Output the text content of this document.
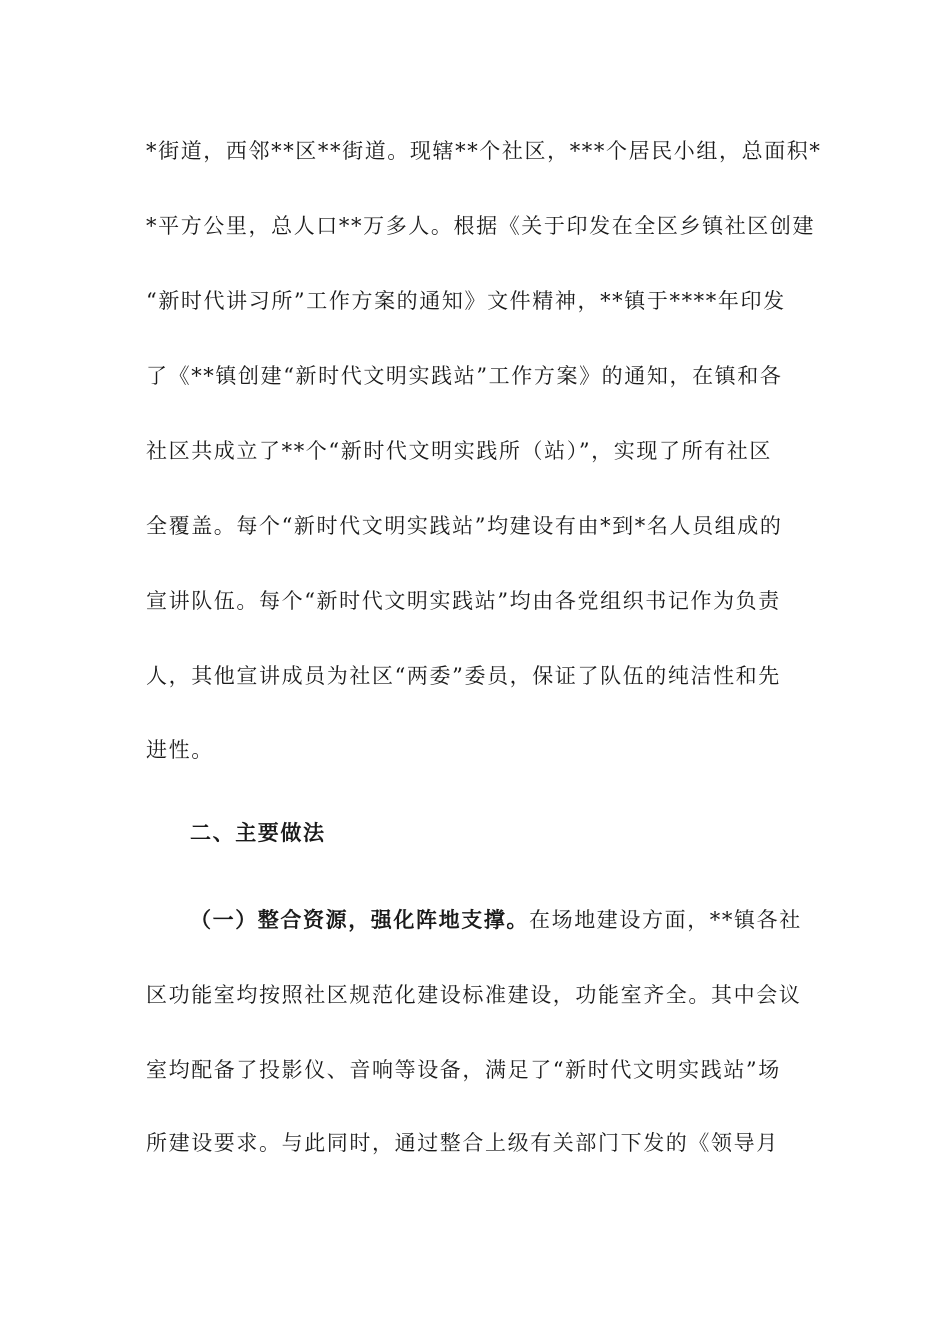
*街道，西邻**区**街道。现辖**个社区，***个居民小组，总面积*
*平方公里，总人口**万多人。根据《关于印发在全区乡镇社区创建
“新时代讲习所”工作方案的通知》文件精神，**镇于****年印发
了《**镇创建“新时代文明实践站”工作方案》的通知，在镇和各
社区共成立了**个“新时代文明实践所（站）”，实现了所有社区
全覆盖。每个“新时代文明实践站”均建设有由*到*名人员组成的
宣讲队伍。每个“新时代文明实践站”均由各党组织书记作为负责
人，其他宣讲成员为社区“两委”委员，保证了队伍的纯洁性和先
进性。
二、主要做法
（一）整合资源，强化阵地支撑。在场地建设方面，**镇各社
区功能室均按照社区规范化建设标准建设，功能室齐全。其中会议
室均配备了投影仪、音响等设备，满足了“新时代文明实践站”场
所建设要求。与此同时，通过整合上级有关部门下发的《领导月
